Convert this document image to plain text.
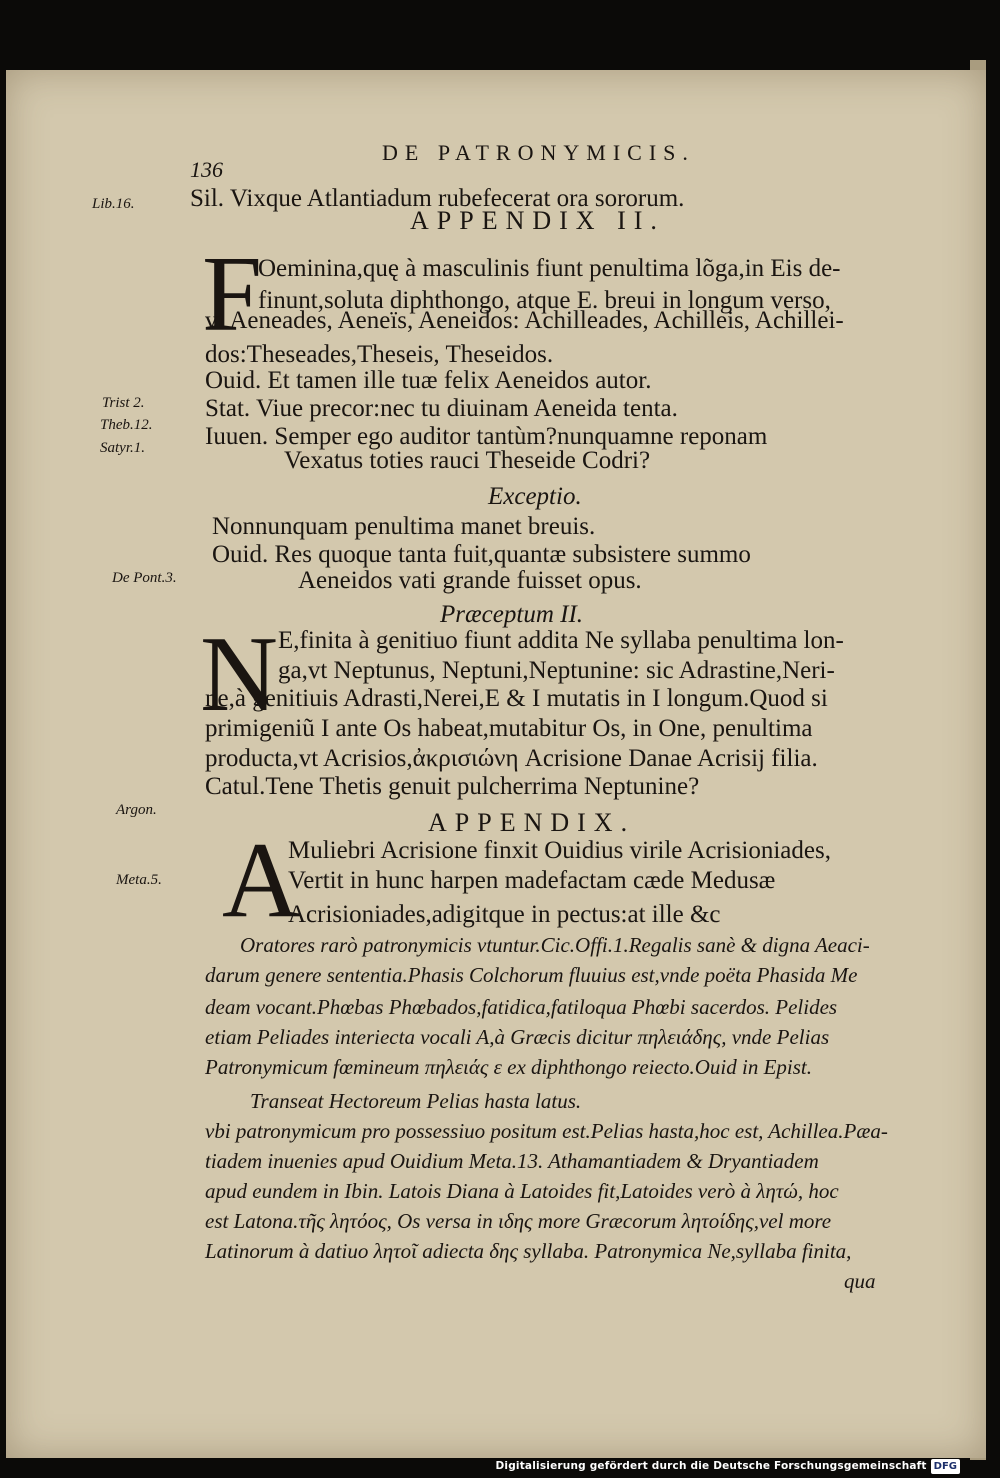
136
DE PATRONYMICIS.
Lib.16.
Trist 2.
Theb.12.
Satyr.1.
De Pont.3.
Argon.
Meta.5.
Sil. Vixque Atlantiadum rubefecerat ora sororum.
APPENDIX II.
F
Oeminina,quę à masculinis fiunt penultima lõga,in Eis de-
finunt,soluta diphthongo, atque E. breui in longum verso,
vt Aeneades, Aeneïs, Aeneidos: Achilleades, Achilleis, Achillei-
dos:Theseades,Theseis, Theseidos.
Ouid. Et tamen ille tuæ felix Aeneidos autor.
Stat. Viue precor:nec tu diuinam Aeneida tenta.
Iuuen. Semper ego auditor tantùm?nunquamne reponam
Vexatus toties rauci Theseide Codri?
Exceptio.
Nonnunquam penultima manet breuis.
Ouid. Res quoque tanta fuit,quantæ subsistere summo
Aeneidos vati grande fuisset opus.
Præceptum II.
N E,finita à genitiuo fiunt addita Ne syllaba penultima lon-
ga,vt Neptunus, Neptuni,Neptunine: sic Adrastine,Neri-
ne,à genitiuis Adrasti,Nerei,E & I mutatis in I longum.Quod si
primigeniũ I ante Os habeat,mutabitur Os, in One, penultima
producta,vt Acrisios,ἀκρισιώνη Acrisione Danae Acrisij filia.
Catul.Tene Thetis genuit pulcherrima Neptunine?
APPENDIX.
A
Muliebri Acrisione finxit Ouidius virile Acrisioniades,
Vertit in hunc harpen madefactam cæde Medusæ
Acrisioniades,adigitque in pectus:at ille &c
Oratores rarò patronymicis vtuntur.Cic.Offi.1.Regalis sanè & digna Aeaci-
darum genere sententia.Phasis Colchorum fluuius est,vnde poëta Phasida Me
deam vocant.Phœbas Phœbados,fatidica,fatiloqua Phœbi sacerdos. Pelides
etiam Peliades interiecta vocali A,à Græcis dicitur πηλειάδης, vnde Pelias
Patronymicum fœmineum πηλειάς ε ex diphthongo reiecto.Ouid in Epist.
Transeat Hectoreum Pelias hasta latus.
vbi patronymicum pro possessiuo positum est.Pelias hasta,hoc est, Achillea.Pæa-
tiadem inuenies apud Ouidium Meta.13. Athamantiadem & Dryantiadem
apud eundem in Ibin. Latois Diana à Latoides fit,Latoides verò à λητώ, hoc
est Latona.τῆς λητόος, Os versa in ιδης more Græcorum λητοίδης,vel more
Latinorum à datiuo λητοῖ adiecta δης syllaba. Patronymica Ne,syllaba finita,
qua
Digitalisierung gefördert durch die Deutsche Forschungsgemeinschaft DFG
